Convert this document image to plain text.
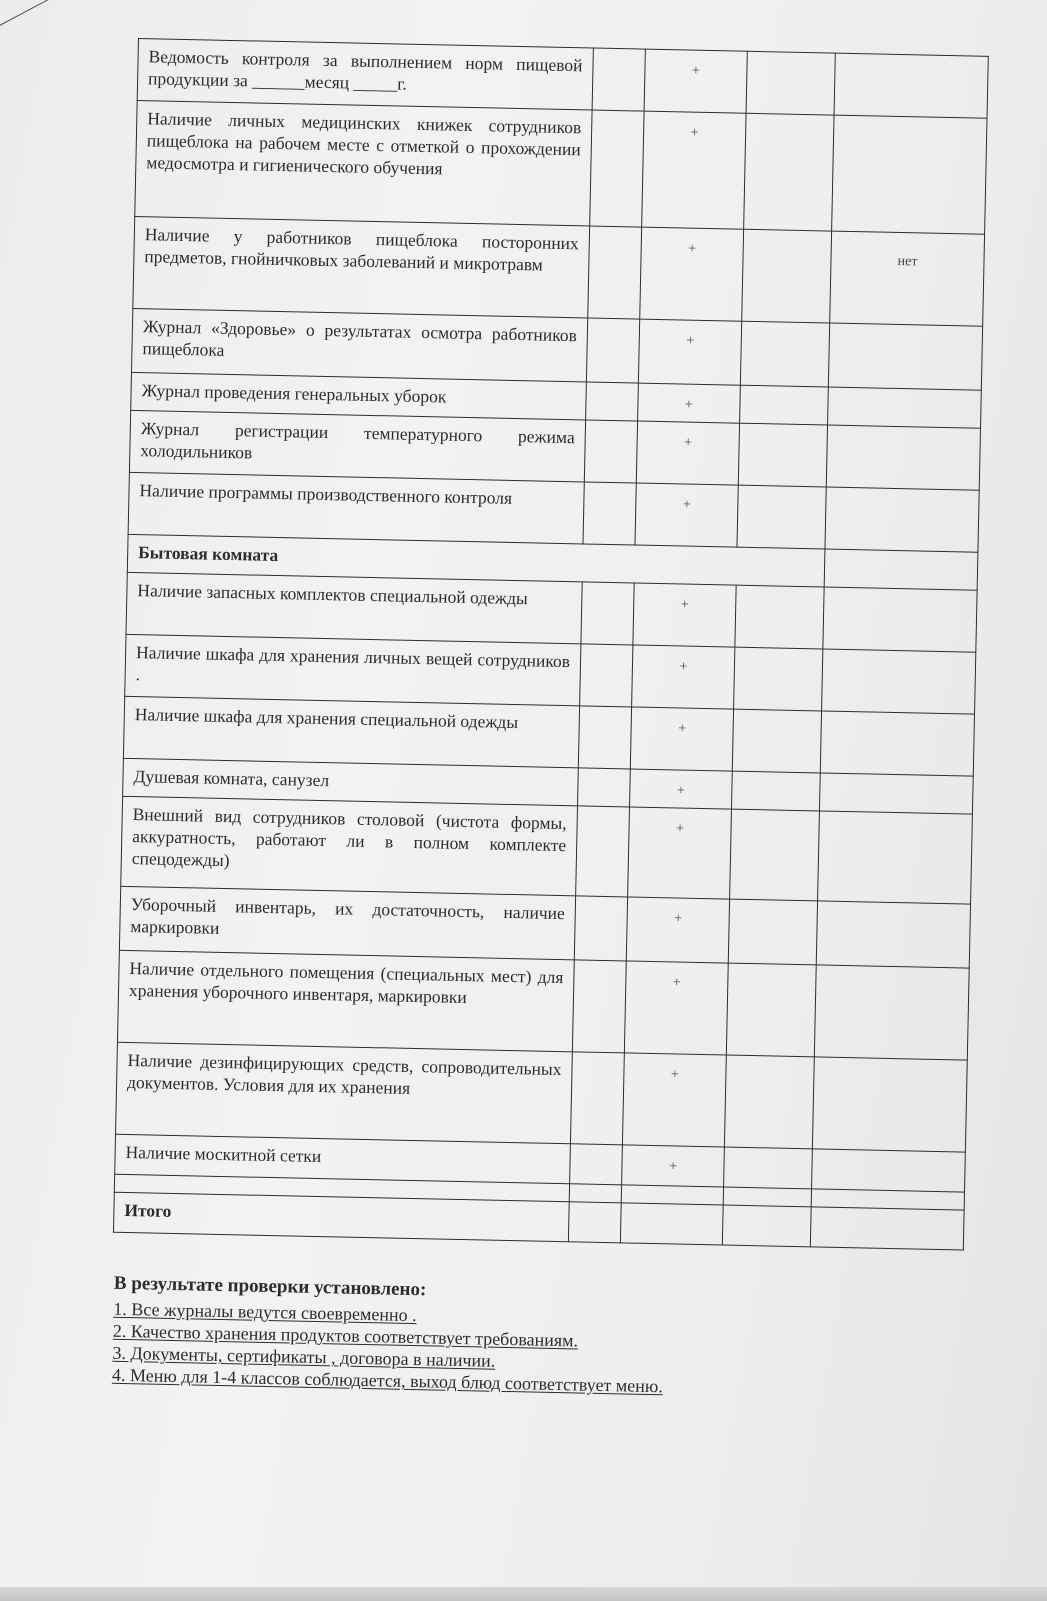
Ведомость контроля за выполнением норм пищевой продукции за ______месяц _____г.		+		
Наличие личных медицинских книжек сотрудников пищеблока на рабочем месте с отметкой о прохождении медосмотра и гигиенического обучения		+		
Наличие у работников пищеблока посторонних предметов, гнойничковых заболеваний и микротравм		+		нет
Журнал «Здоровье» о результатах осмотра работников пищеблока		+		
Журнал проведения генеральных уборок		+		
Журнал регистрации температурного режима холодильников		+		
Наличие программы производственного контроля		+		
Бытовая комната				
Наличие запасных комплектов специальной одежды		+		
Наличие шкафа для хранения личных вещей сотрудников .		+		
Наличие шкафа для хранения специальной одежды		+		
Душевая комната, санузел		+		
Внешний вид сотрудников столовой (чистота формы, аккуратность, работают ли в полном комплекте спецодежды)		+		
Уборочный инвентарь, их достаточность, наличие маркировки		+		
Наличие отдельного помещения (специальных мест) для хранения уборочного инвентаря, маркировки		+		
Наличие дезинфицирующих средств, сопроводительных документов. Условия для их хранения		+		
Наличие москитной сетки		+		

Итого				
В результате проверки установлено:
1. Все журналы ведутся своевременно .
2. Качество хранения продуктов соответствует требованиям.
3. Документы, сертификаты , договора в наличии.
4. Меню для 1-4 классов соблюдается, выход блюд соответствует меню.
